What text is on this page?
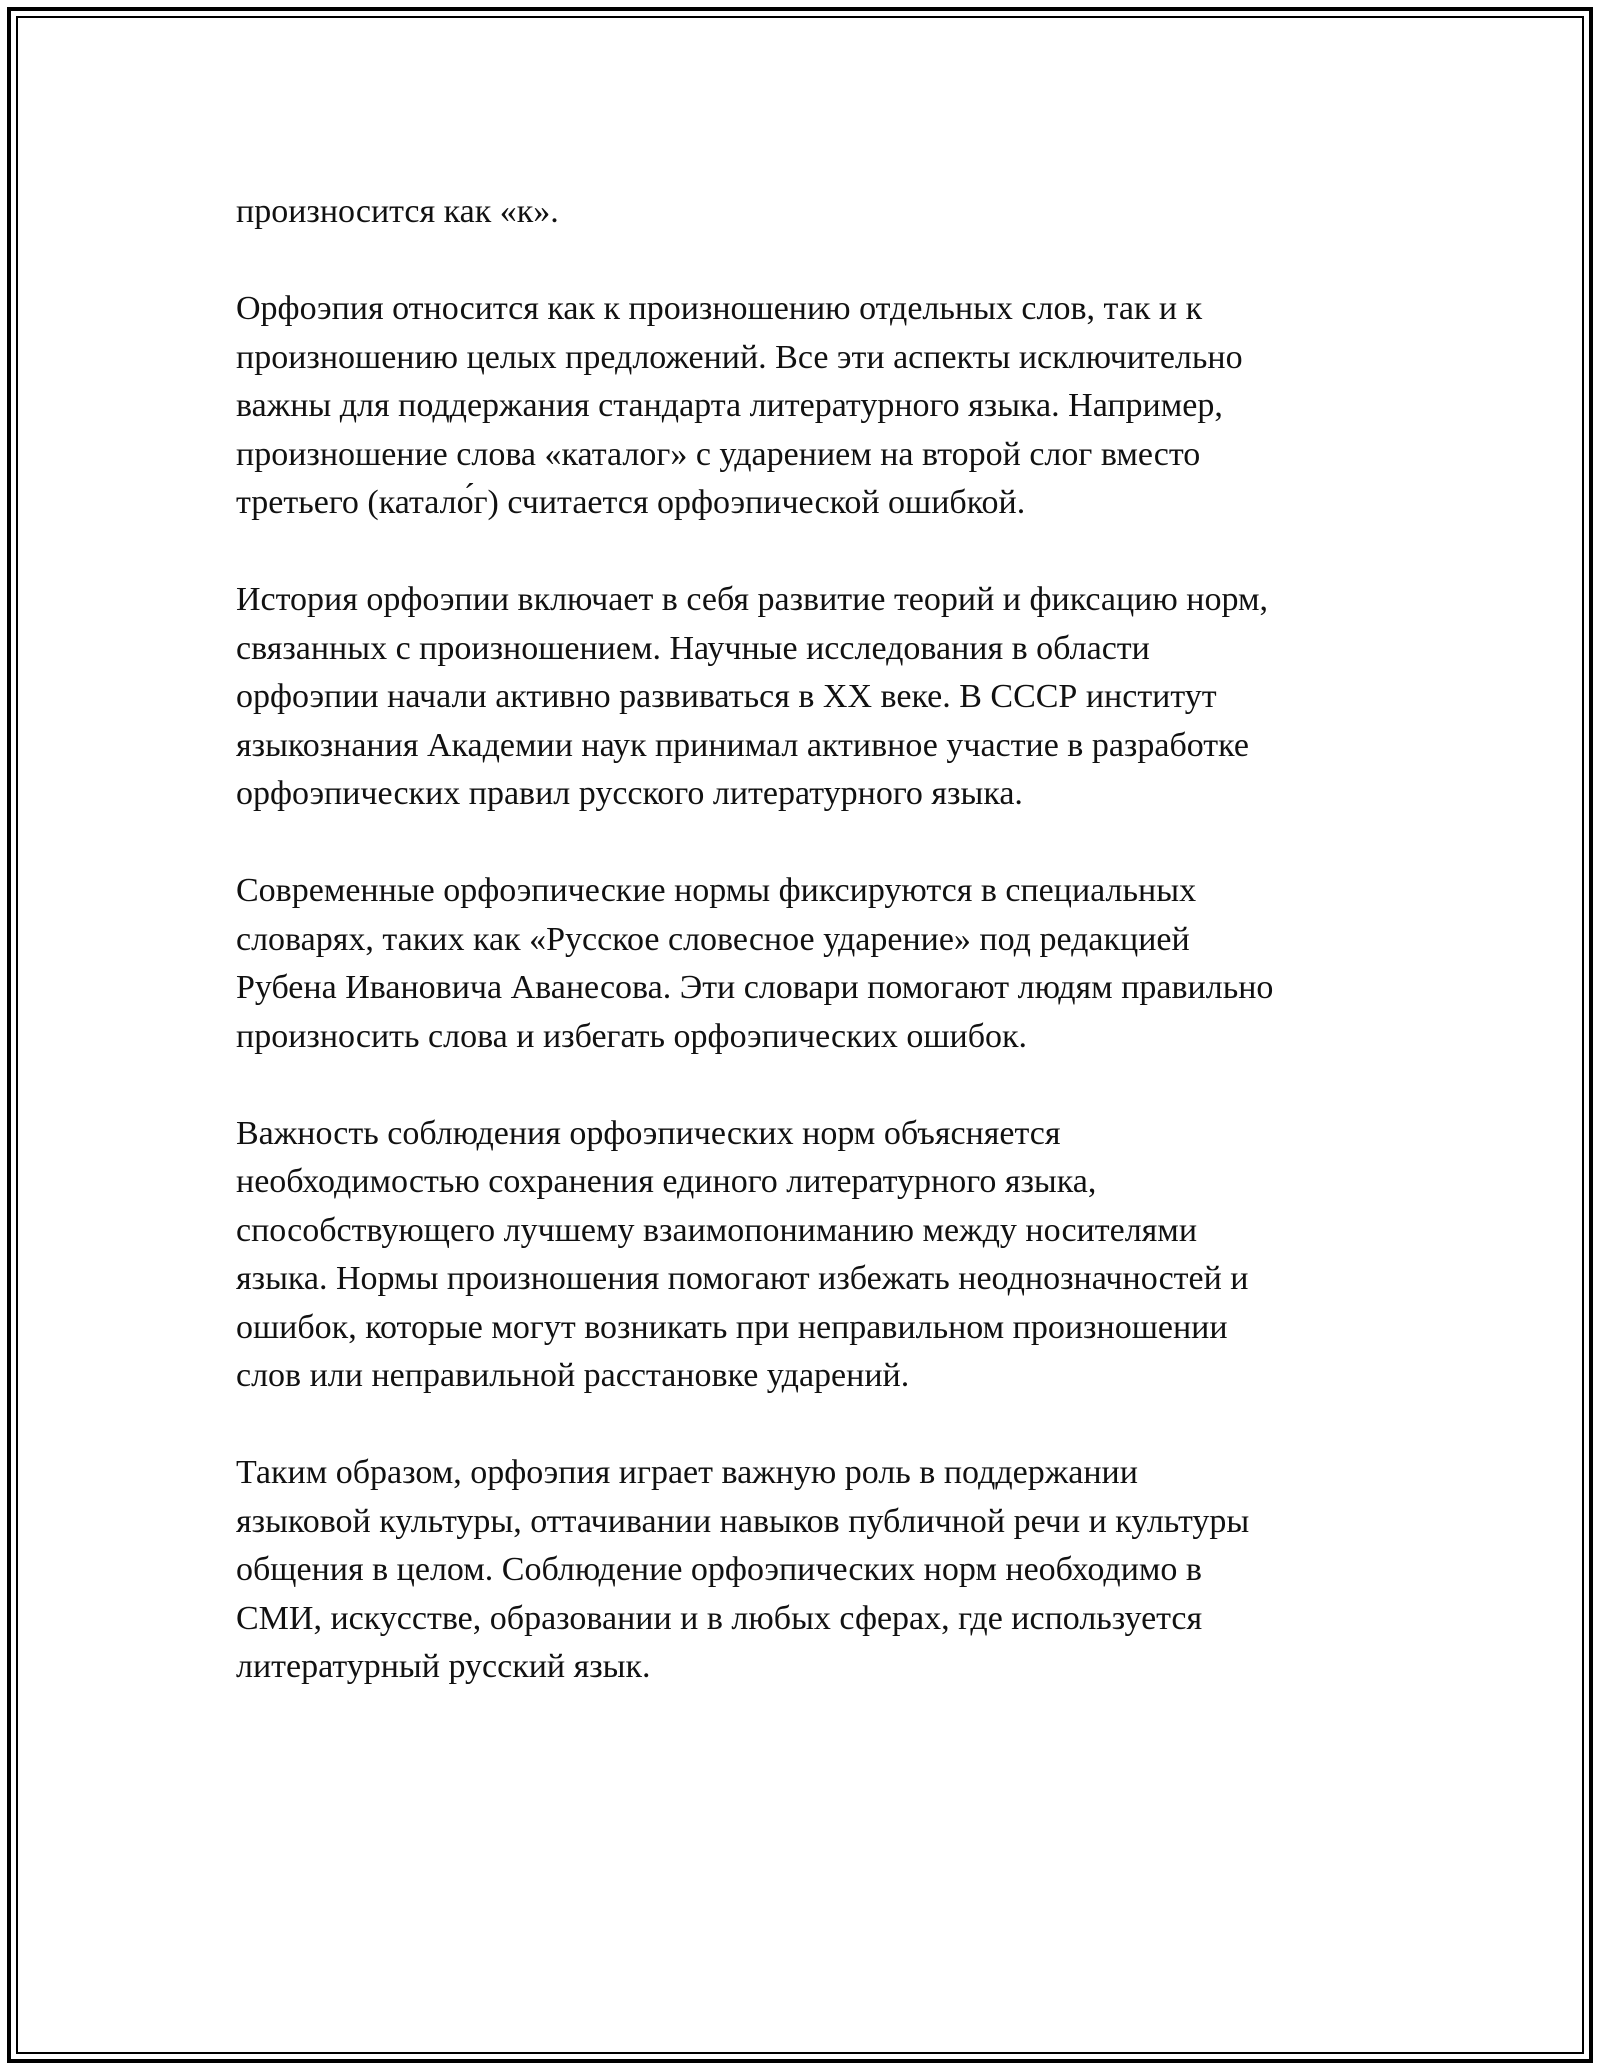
произносится как «к».

Орфоэпия относится как к произношению отдельных слов, так и к
произношению целых предложений. Все эти аспекты исключительно
важны для поддержания стандарта литературного языка. Например,
произношение слова «каталог» с ударением на второй слог вместо
третьего (катало́г) считается орфоэпической ошибкой.

История орфоэпии включает в себя развитие теорий и фиксацию норм,
связанных с произношением. Научные исследования в области
орфоэпии начали активно развиваться в XX веке. В СССР институт
языкознания Академии наук принимал активное участие в разработке
орфоэпических правил русского литературного языка.

Современные орфоэпические нормы фиксируются в специальных
словарях, таких как «Русское словесное ударение» под редакцией
Рубена Ивановича Аванесова. Эти словари помогают людям правильно
произносить слова и избегать орфоэпических ошибок.

Важность соблюдения орфоэпических норм объясняется
необходимостью сохранения единого литературного языка,
способствующего лучшему взаимопониманию между носителями
языка. Нормы произношения помогают избежать неоднозначностей и
ошибок, которые могут возникать при неправильном произношении
слов или неправильной расстановке ударений.

Таким образом, орфоэпия играет важную роль в поддержании
языковой культуры, оттачивании навыков публичной речи и культуры
общения в целом. Соблюдение орфоэпических норм необходимо в
СМИ, искусстве, образовании и в любых сферах, где используется
литературный русский язык.
